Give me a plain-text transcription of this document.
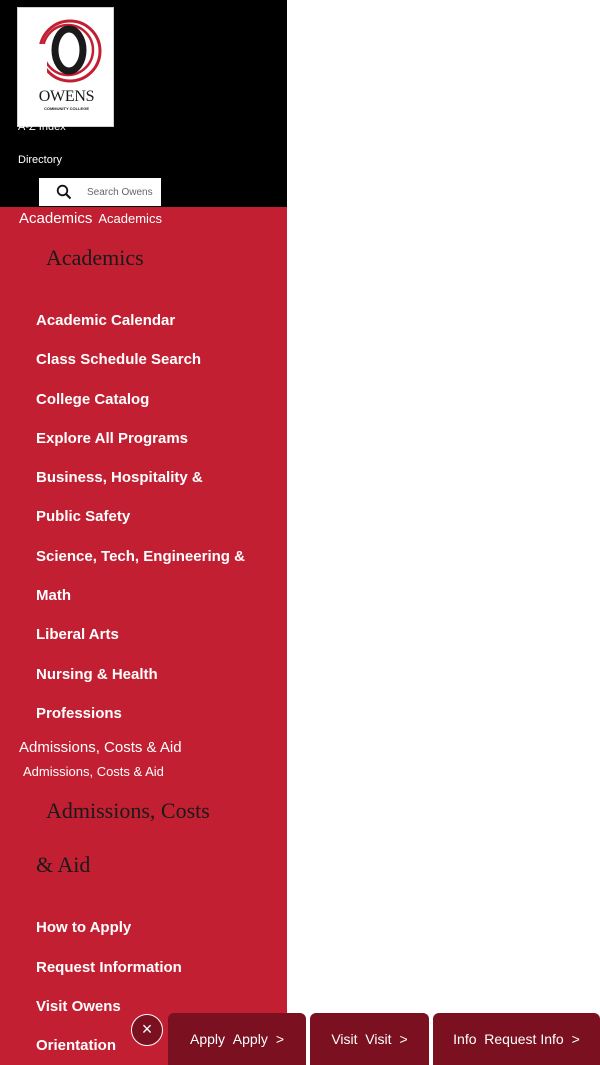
OWENS
COMMUNITY COLLEGE
A-Z Index
Directory
Search Owens
Academics Academics
Academics
Academic Calendar
Class Schedule Search
College Catalog
Explore All Programs
Business, Hospitality &
Public Safety
Science, Tech, Engineering &
Math
Liberal Arts
Nursing & Health
Professions
Admissions, Costs & Aid
Admissions, Costs & Aid
Admissions, Costs
& Aid
How to Apply
Request Information
Visit Owens
Orientation
×	Apply Apply >	Visit Visit >	Info Request Info >
